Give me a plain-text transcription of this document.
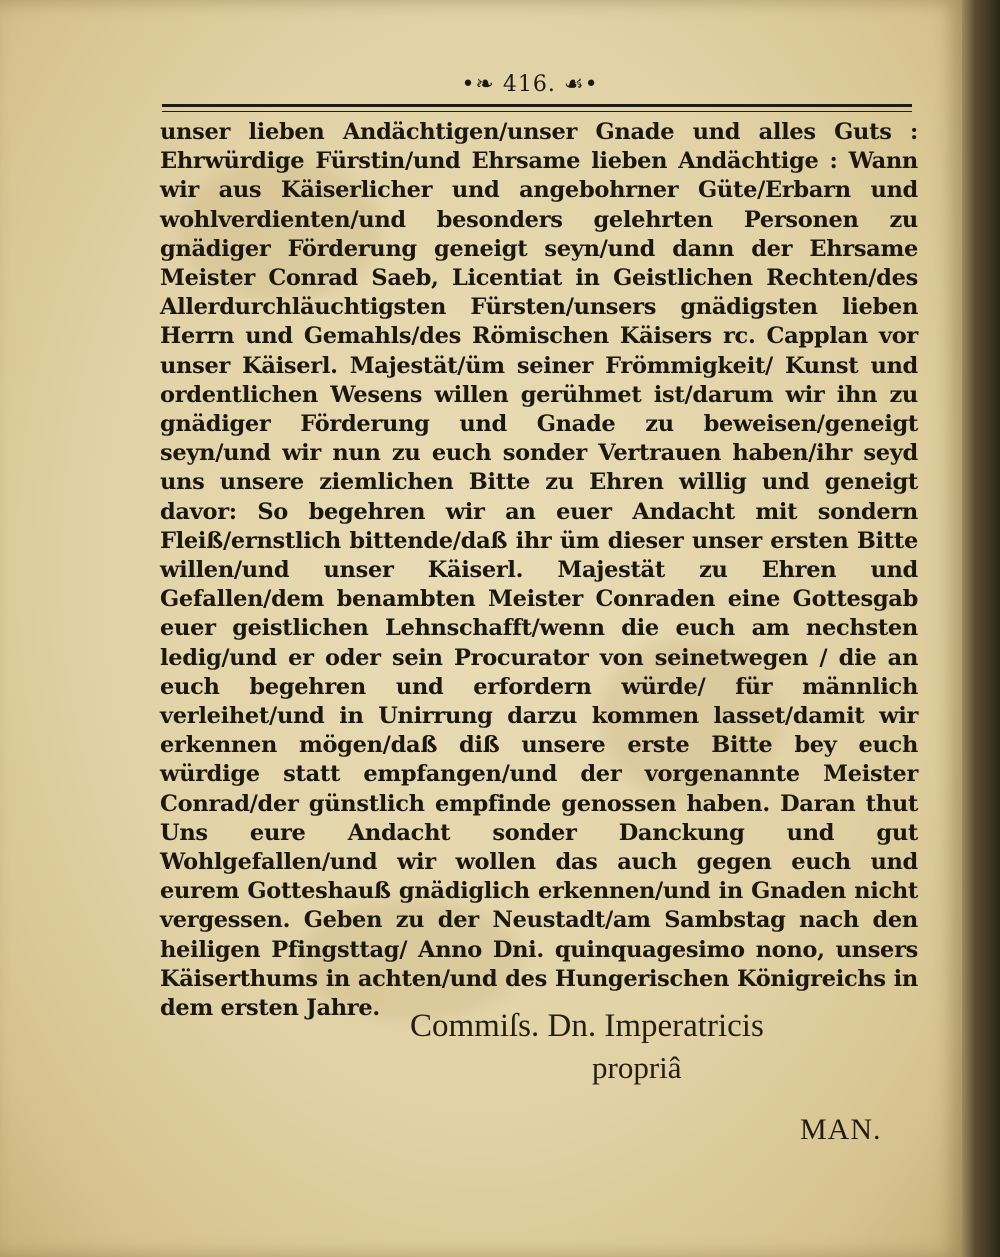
•❧ 416. ☙•

unser lieben Andächtigen/unser Gnade und alles Guts : Ehrwürdige Fürstin/und Ehrsame lieben Andächtige : Wann wir aus Käiserlicher und angebohrner Güte/Erbarn und wohlverdienten/und besonders gelehrten Personen zu gnädiger Förderung geneigt seyn/und dann der Ehrsame Meister Conrad Saeb, Licentiat in Geistlichen Rechten/des Allerdurchläuchtigsten Fürsten/unsers gnädigsten lieben Herrn und Gemahls/des Römischen Käisers rc. Capplan vor unser Käiserl. Majestät/üm seiner Frömmigkeit/ Kunst und ordentlichen Wesens willen gerühmet ist/darum wir ihn zu gnädiger Förderung und Gnade zu beweisen/geneigt seyn/und wir nun zu euch sonder Vertrauen haben/ihr seyd uns unsere ziemlichen Bitte zu Ehren willig und geneigt davor: So begehren wir an euer Andacht mit sondern Fleiß/ernstlich bittende/daß ihr üm dieser unser ersten Bitte willen/und unser Käiserl. Majestät zu Ehren und Gefallen/dem benambten Meister Conraden eine Gottesgab euer geistlichen Lehnschafft/wenn die euch am nechsten ledig/und er oder sein Procurator von seinetwegen / die an euch begehren und erfordern würde/ für männlich verleihet/und in Unirrung darzu kommen lasset/damit wir erkennen mögen/daß diß unsere erste Bitte bey euch würdige statt empfangen/und der vorgenannte Meister Conrad/der günstlich empfinde genossen haben. Daran thut Uns eure Andacht sonder Danckung und gut Wohlgefallen/und wir wollen das auch gegen euch und eurem Gotteshauß gnädiglich erkennen/und in Gnaden nicht vergessen. Geben zu der Neustadt/am Sambstag nach den heiligen Pfingsttag/ Anno Dni. quinquagesimo nono, unsers Käiserthums in achten/und des Hungerischen Königreichs in dem ersten Jahre. Commiſs. Dn. Imperatricis
propriâ
MAN.
